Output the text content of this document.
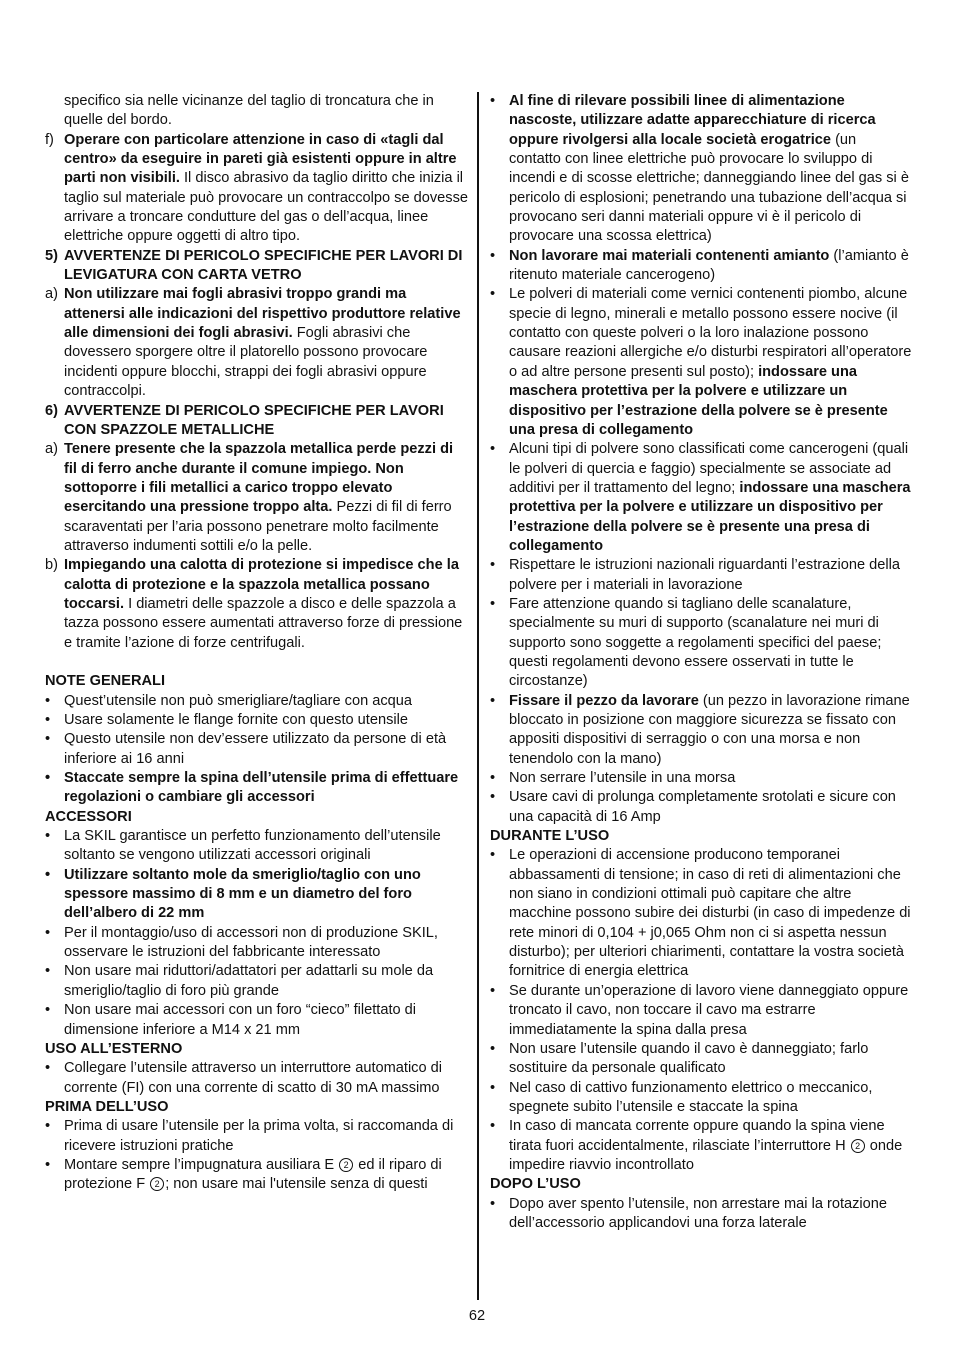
specifico sia nelle vicinanze del taglio di troncatura che in quelle del bordo.

f) Operare con particolare attenzione in caso di «tagli dal centro» da eseguire in pareti già esistenti oppure in altre parti non visibili. Il disco abrasivo da taglio diritto che inizia il taglio sul materiale può provocare un contraccolpo se dovesse arrivare a troncare condutture del gas o dell’acqua, linee elettriche oppure oggetti di altro tipo.

5) AVVERTENZE DI PERICOLO SPECIFICHE PER LAVORI DI LEVIGATURA CON CARTA VETRO

a) Non utilizzare mai fogli abrasivi troppo grandi ma attenersi alle indicazioni del rispettivo produttore relative alle dimensioni dei fogli abrasivi. Fogli abrasivi che dovessero sporgere oltre il platorello possono provocare incidenti oppure blocchi, strappi dei fogli abrasivi oppure contraccolpi.

6) AVVERTENZE DI PERICOLO SPECIFICHE PER LAVORI CON SPAZZOLE METALLICHE

a) Tenere presente che la spazzola metallica perde pezzi di fil di ferro anche durante il comune impiego. Non sottoporre i fili metallici a carico troppo elevato esercitando una pressione troppo alta. Pezzi di fil di ferro scaraventati per l’aria possono penetrare molto facilmente attraverso indumenti sottili e/o la pelle.

b) Impiegando una calotta di protezione si impedisce che la calotta di protezione e la spazzola metallica possano toccarsi. I diametri delle spazzole a disco e delle spazzola a tazza possono essere aumentati attraverso forze di pressione e tramite l’azione di forze centrifugali.

NOTE GENERALI

• Quest’utensile non può smerigliare/tagliare con acqua

• Usare solamente le flange fornite con questo utensile

• Questo utensile non dev’essere utilizzato da persone di età inferiore ai 16 anni

• Staccate sempre la spina dell’utensile prima di effettuare regolazioni o cambiare gli accessori

ACCESSORI

• La SKIL garantisce un perfetto funzionamento dell’utensile soltanto se vengono utilizzati accessori originali

• Utilizzare soltanto mole da smeriglio/taglio con uno spessore massimo di 8 mm e un diametro del foro dell’albero di 22 mm

• Per il montaggio/uso di accessori non di produzione SKIL, osservare le istruzioni del fabbricante interessato

• Non usare mai riduttori/adattatori per adattarli su mole da smeriglio/taglio di foro più grande

• Non usare mai accessori con un foro “cieco” filettato di dimensione inferiore a M14 x 21 mm

USO ALL’ESTERNO

• Collegare l’utensile attraverso un interruttore automatico di corrente (FI) con una corrente di scatto di 30 mA massimo

PRIMA DELL’USO

• Prima di usare l’utensile per la prima volta, si raccomanda di ricevere istruzioni pratiche

• Montare sempre l’impugnatura ausiliara E 2 ed il riparo di protezione F 2 ; non usare mai l'utensile senza di questi

• Al fine di rilevare possibili linee di alimentazione nascoste, utilizzare adatte apparecchiature di ricerca oppure rivolgersi alla locale società erogatrice (un contatto con linee elettriche può provocare lo sviluppo di incendi e di scosse elettriche; danneggiando linee del gas si è pericolo di esplosioni; penetrando una tubazione dell’acqua si provocano seri danni materiali oppure vi è il pericolo di provocare una scossa elettrica)

• Non lavorare mai materiali contenenti amianto (l’amianto è ritenuto materiale cancerogeno)

• Le polveri di materiali come vernici contenenti piombo, alcune specie di legno, minerali e metallo possono essere nocive (il contatto con queste polveri o la loro inalazione possono causare reazioni allergiche e/o disturbi respiratori all’operatore o ad altre persone presenti sul posto); indossare una maschera protettiva per la polvere e utilizzare un dispositivo per l’estrazione della polvere se è presente una presa di collegamento

• Alcuni tipi di polvere sono classificati come cancerogeni (quali le polveri di quercia e faggio) specialmente se associate ad additivi per il trattamento del legno; indossare una maschera protettiva per la polvere e utilizzare un dispositivo per l’estrazione della polvere se è presente una presa di collegamento

• Rispettare le istruzioni nazionali riguardanti l’estrazione della polvere per i materiali in lavorazione

• Fare attenzione quando si tagliano delle scanalature, specialmente su muri di supporto (scanalature nei muri di supporto sono soggette a regolamenti specifici del paese; questi regolamenti devono essere osservati in tutte le circostanze)

• Fissare il pezzo da lavorare (un pezzo in lavorazione rimane bloccato in posizione con maggiore sicurezza se fissato con appositi dispositivi di serraggio o con una morsa e non tenendolo con la mano)

• Non serrare l’utensile in una morsa

• Usare cavi di prolunga completamente srotolati e sicure con una capacità di 16 Amp

DURANTE L’USO

• Le operazioni di accensione producono temporanei abbassamenti di tensione; in caso di reti di alimentazioni che non siano in condizioni ottimali può capitare che altre macchine possono subire dei disturbi (in caso di impedenze di rete minori di 0,104 + j0,065 Ohm non ci si aspetta nessun disturbo); per ulteriori chiarimenti, contattare la vostra società fornitrice di energia elettrica

• Se durante un’operazione di lavoro viene danneggiato oppure troncato il cavo, non toccare il cavo ma estrarre immediatamente la spina dalla presa

• Non usare l’utensile quando il cavo è danneggiato; farlo sostituire da personale qualificato

• Nel caso di cattivo funzionamento elettrico o meccanico, spegnete subito l’utensile e staccate la spina

• In caso di mancata corrente oppure quando la spina viene tirata fuori accidentalmente, rilasciate l’interruttore H 2 onde impedire riavvio incontrollato

DOPO L’USO

• Dopo aver spento l’utensile, non arrestare mai la rotazione dell’accessorio applicandovi una forza laterale

62
